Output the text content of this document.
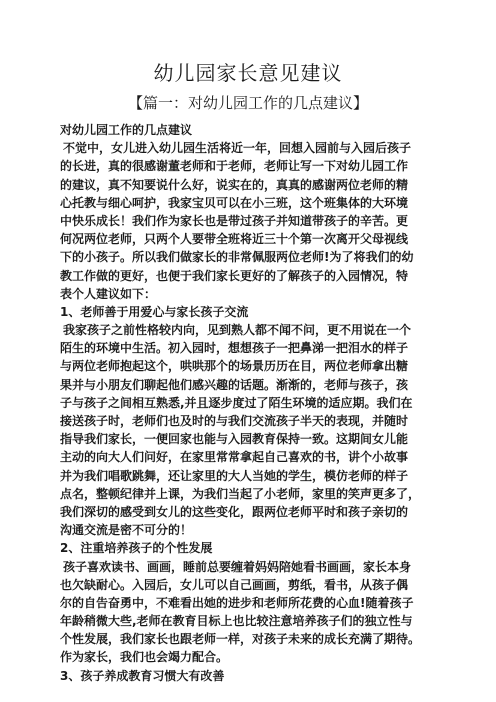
幼儿园家长意见建议
【篇一：对幼儿园工作的几点建议】
对幼儿园工作的几点建议
不觉中，女儿进入幼儿园生活将近一年，回想入园前与入园后孩子
的长进，真的很感谢董老师和于老师，老师让写一下对幼儿园工作
的建议，真不知要说什么好，说实在的，真真的感谢两位老师的精
心托教与细心呵护，我家宝贝可以在小三班，这个班集体的大环境
中快乐成长！我们作为家长也是带过孩子并知道带孩子的辛苦。更
何况两位老师，只两个人要带全班将近三十个第一次离开父母视线
下的小孩子。所以我们做家长的非常佩服两位老师!为了将我们的幼
教工作做的更好，也便于我们家长更好的了解孩子的入园情况，特
表个人建议如下：
1、老师善于用爱心与家长孩子交流
我家孩子之前性格较内向，见到熟人都不闻不问，更不用说在一个
陌生的环境中生活。初入园时，想想孩子一把鼻涕一把泪水的样子
与两位老师抱起这个，哄哄那个的场景历历在目，两位老师拿出糖
果并与小朋友们聊起他们感兴趣的话题。渐渐的，老师与孩子，孩
子与孩子之间相互熟悉,并且逐步度过了陌生环境的适应期。我们在
接送孩子时，老师们也及时的与我们交流孩子半天的表现，并随时
指导我们家长，一便回家也能与入园教育保持一致。这期间女儿能
主动的向大人们问好，在家里常常拿起自己喜欢的书，讲个小故事
并为我们唱歌跳舞，还让家里的大人当她的学生，模仿老师的样子
点名，整顿纪律并上课，为我们当起了小老师，家里的笑声更多了，
我们深切的感受到女儿的这些变化，跟两位老师平时和孩子亲切的
沟通交流是密不可分的！
2、注重培养孩子的个性发展
孩子喜欢读书、画画，睡前总要缠着妈妈陪她看书画画，家长本身
也欠缺耐心。入园后，女儿可以自己画画，剪纸，看书，从孩子偶
尔的自告奋勇中，不难看出她的进步和老师所花费的心血!随着孩子
年龄稍微大些,老师在教育目标上也比较注意培养孩子们的独立性与
个性发展，我们家长也跟老师一样，对孩子未来的成长充满了期待。
作为家长，我们也会竭力配合。
3、孩子养成教育习惯大有改善
